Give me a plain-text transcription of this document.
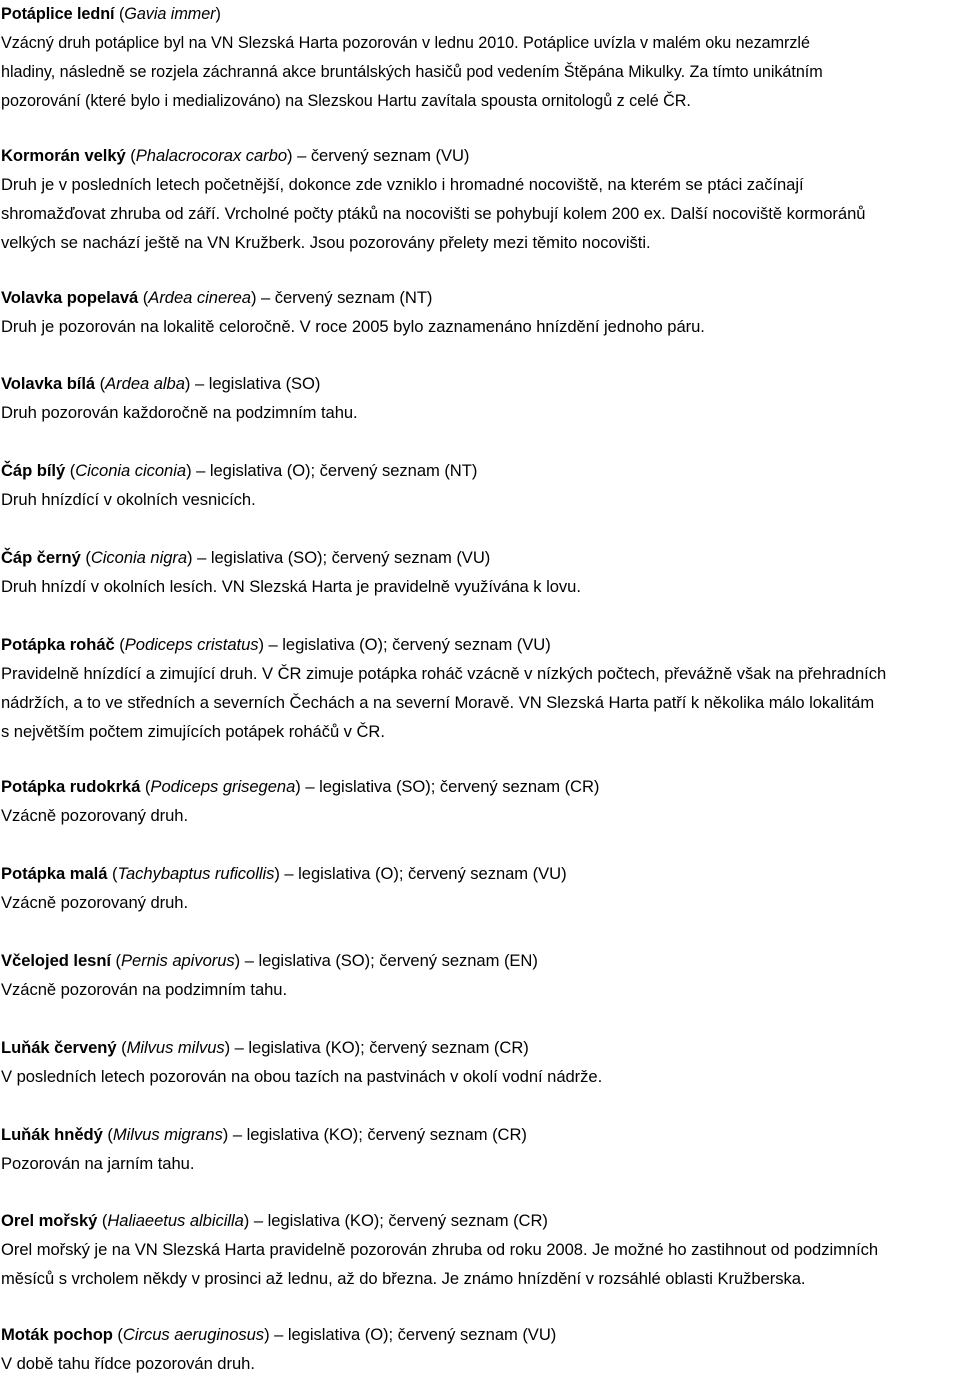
Potáplice lední (Gavia immer)
Vzácný druh potáplice byl na VN Slezská Harta pozorován v lednu 2010. Potáplice uvízla v malém oku nezamrzlé
hladiny, následně se rozjela záchranná akce bruntálských hasičů pod vedením Štěpána Mikulky. Za tímto unikátním
pozorování (které bylo i medializováno) na Slezskou Hartu zavítala spousta ornitologů z celé ČR.
Kormorán velký (Phalacrocorax carbo) – červený seznam (VU)
Druh je v posledních letech početnější, dokonce zde vzniklo i hromadné nocoviště, na kterém se ptáci začínají
shromažďovat zhruba od září. Vrcholné počty ptáků na nocovišti se pohybují kolem 200 ex. Další nocoviště kormoránů
velkých se nachází ještě na VN Kružberk. Jsou pozorovány přelety mezi těmito nocovišti.
Volavka popelavá (Ardea cinerea) – červený seznam (NT)
Druh je pozorován na lokalitě celoročně. V roce 2005 bylo zaznamenáno hnízdění jednoho páru.
Volavka bílá (Ardea alba) – legislativa (SO)
Druh pozorován každoročně na podzimním tahu.
Čáp bílý (Ciconia ciconia) – legislativa (O); červený seznam (NT)
Druh hnízdící v okolních vesnicích.
Čáp černý (Ciconia nigra) – legislativa (SO); červený seznam (VU)
Druh hnízdí v okolních lesích. VN Slezská Harta je pravidelně využívána k lovu.
Potápka roháč (Podiceps cristatus) – legislativa (O); červený seznam (VU)
Pravidelně hnízdící a zimující druh. V ČR zimuje potápka roháč vzácně v nízkých počtech, převážně však na přehradních
nádržích, a to ve středních a severních Čechách a na severní Moravě. VN Slezská Harta patří k několika málo lokalitám
s největším počtem zimujících potápek roháčů v ČR.
Potápka rudokrká (Podiceps grisegena) – legislativa (SO); červený seznam (CR)
Vzácně pozorovaný druh.
Potápka malá (Tachybaptus ruficollis) – legislativa (O); červený seznam (VU)
Vzácně pozorovaný druh.
Včelojed lesní (Pernis apivorus) – legislativa (SO); červený seznam (EN)
Vzácně pozorován na podzimním tahu.
Luňák červený (Milvus milvus) – legislativa (KO); červený seznam (CR)
V posledních letech pozorován na obou tazích na pastvinách v okolí vodní nádrže.
Luňák hnědý (Milvus migrans) – legislativa (KO); červený seznam (CR)
Pozorován na jarním tahu.
Orel mořský (Haliaeetus albicilla) – legislativa (KO); červený seznam (CR)
Orel mořský je na VN Slezská Harta pravidelně pozorován zhruba od roku 2008. Je možné ho zastihnout od podzimních
měsíců s vrcholem někdy v prosinci až lednu, až do března. Je známo hnízdění v rozsáhlé oblasti Kružberska.
Moták pochop (Circus aeruginosus) – legislativa (O); červený seznam (VU)
V době tahu řídce pozorován druh.
